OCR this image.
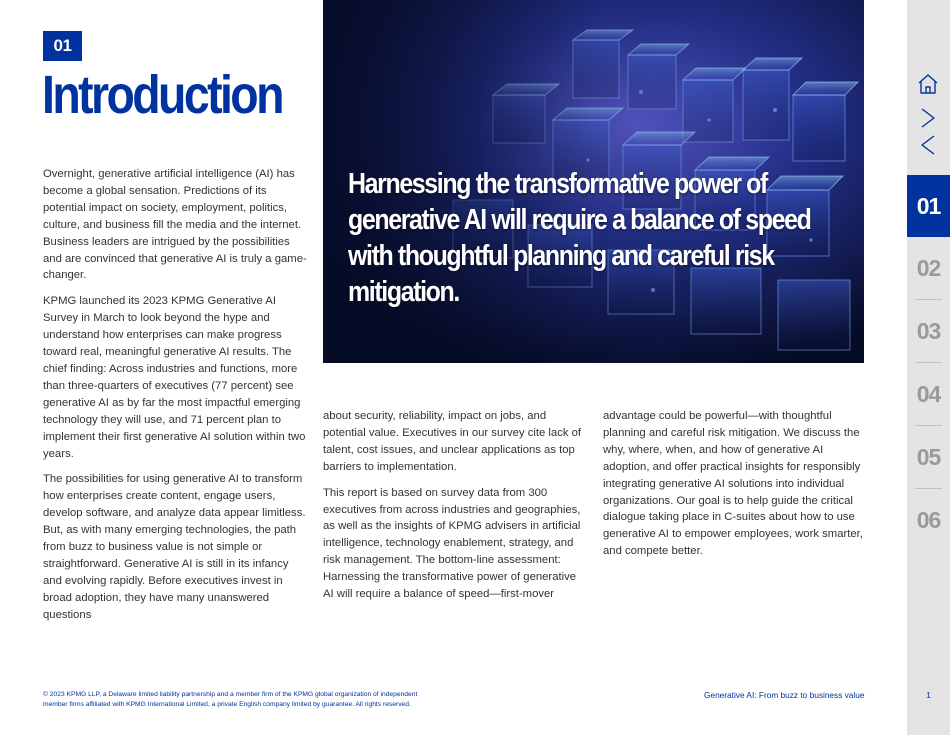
01
Introduction

Harnessing the transformative power of generative AI will require a balance of speed with thoughtful planning and careful risk mitigation.

Overnight, generative artificial intelligence (AI) has become a global sensation. Predictions of its potential impact on society, employment, politics, culture, and business fill the media and the internet. Business leaders are intrigued by the possibilities and are convinced that generative AI is truly a game-changer.

KPMG launched its 2023 KPMG Generative AI Survey in March to look beyond the hype and understand how enterprises can make progress toward real, meaningful generative AI results. The chief finding: Across industries and functions, more than three-quarters of executives (77 percent) see generative AI as by far the most impactful emerging technology they will use, and 71 percent plan to implement their first generative AI solution within two years.

The possibilities for using generative AI to transform how enterprises create content, engage users, develop software, and analyze data appear limitless. But, as with many emerging technologies, the path from buzz to business value is not simple or straightforward. Generative AI is still in its infancy and evolving rapidly. Before executives invest in broad adoption, they have many unanswered questions

about security, reliability, impact on jobs, and potential value. Executives in our survey cite lack of talent, cost issues, and unclear applications as top barriers to implementation.

This report is based on survey data from 300 executives from across industries and geographies, as well as the insights of KPMG advisers in artificial intelligence, technology enablement, strategy, and risk management. The bottom-line assessment: Harnessing the transformative power of generative AI will require a balance of speed—first-mover

advantage could be powerful—with thoughtful planning and careful risk mitigation. We discuss the why, where, when, and how of generative AI adoption, and offer practical insights for responsibly integrating generative AI solutions into individual organizations. Our goal is to help guide the critical dialogue taking place in C-suites about how to use generative AI to empower employees, work smarter, and compete better.

© 2023 KPMG LLP, a Delaware limited liability partnership and a member firm of the KPMG global organization of independent
member firms affiliated with KPMG International Limited, a private English company limited by guarantee. All rights reserved.
Generative AI: From buzz to business value
01
02
03
04
05
06
1
